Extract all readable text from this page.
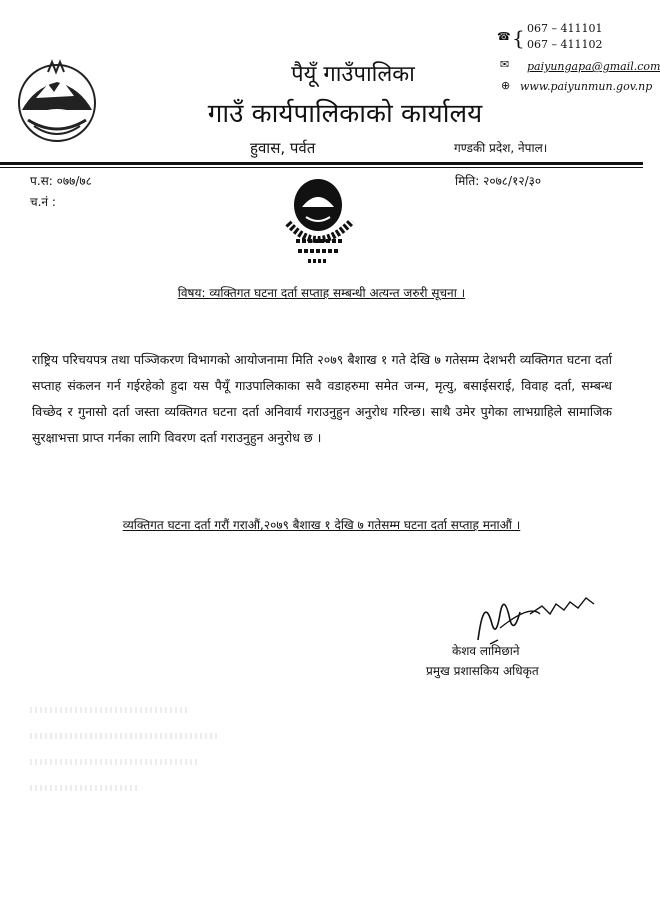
पैयूँ गाउँपालिका
गाउँ कार्यपालिकाको कार्यालय
हुवास, पर्वत	गण्डकी प्रदेश, नेपाल।
☎ { 067 – 411101
067 – 411102
✉ paiyungapa@gmail.com
⊕ www.paiyunmun.gov.np
प.स: ०७७/७८
च.नं :
मिति: २०७८/१२/३०
विषय: व्यक्तिगत घटना दर्ता सप्ताह सम्बन्धी अत्यन्त जरुरी सूचना ।
राष्ट्रिय परिचयपत्र तथा पञ्जिकरण विभागको आयोजनामा मिति २०७९ बैशाख १ गते देखि ७ गतेसम्म देशभरी व्यक्तिगत घटना दर्ता सप्ताह संकलन गर्न गईरहेको हुदा यस पैयूँ गाउपालिकाका सवै वडाहरुमा समेत जन्म, मृत्यु, बसाईसराई, विवाह दर्ता, सम्बन्ध विच्छेद र गुनासो दर्ता जस्ता व्यक्तिगत घटना दर्ता अनिवार्य गराउनुहुन अनुरोध गरिन्छ। साथै उमेर पुगेका लाभग्राहिले सामाजिक सुरक्षाभत्ता प्राप्त गर्नका लागि विवरण दर्ता गराउनुहुन अनुरोध छ ।
व्यक्तिगत घटना दर्ता गरौं गराऔं,२०७९ बैशाख १ देखि ७ गतेसम्म घटना दर्ता सप्ताह मनाऔं ।
केशव लामिछाने
प्रमुख प्रशासकिय अधिकृत
